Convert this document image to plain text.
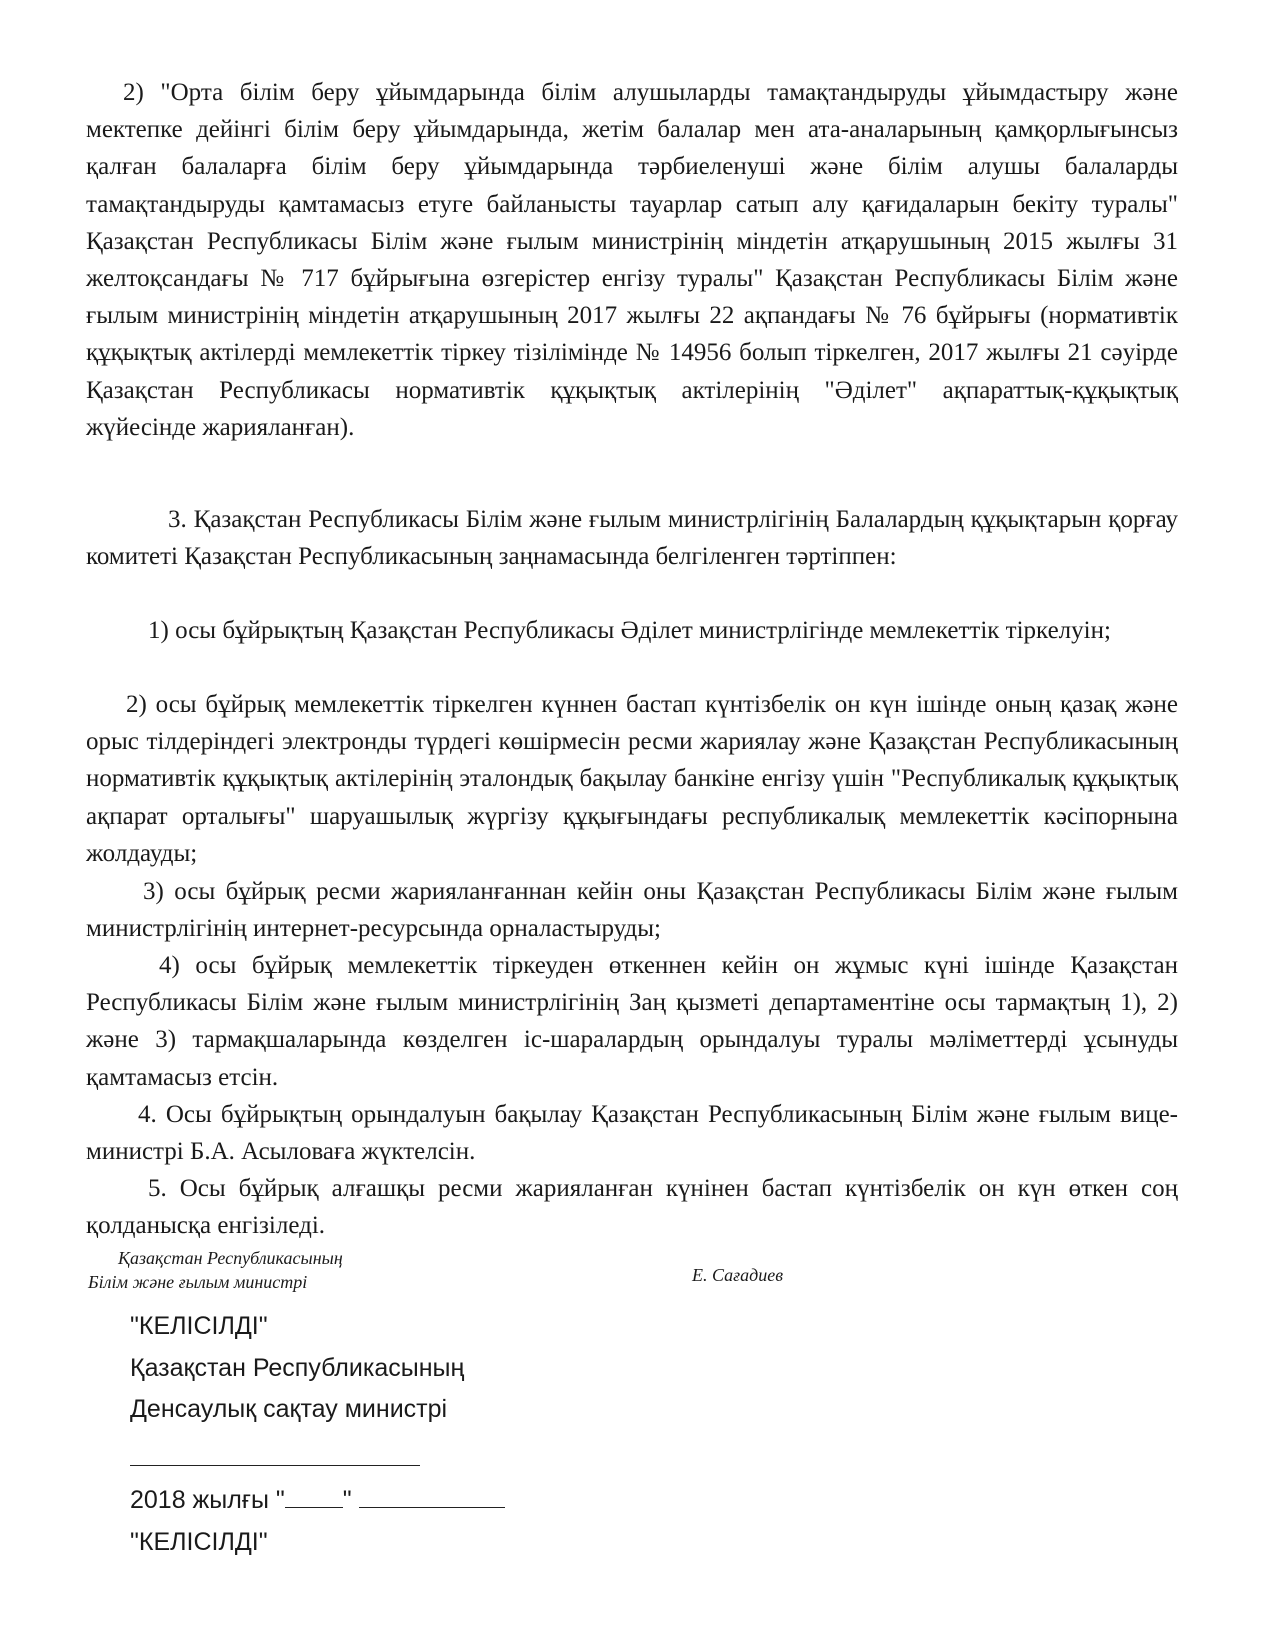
2) "Орта білім беру ұйымдарында білім алушыларды тамақтандыруды ұйымдастыру және мектепке дейінгі білім беру ұйымдарында, жетім балалар мен ата-аналарының қамқорлығынсыз қалған балаларға білім беру ұйымдарында тәрбиеленуші және білім алушы балаларды тамақтандыруды қамтамасыз етуге байланысты тауарлар сатып алу қағидаларын бекіту туралы" Қазақстан Республикасы Білім және ғылым министрінің міндетін атқарушының 2015 жылғы 31 желтоқсандағы № 717 бұйрығына өзгерістер енгізу туралы" Қазақстан Республикасы Білім және ғылым министрінің міндетін атқарушының 2017 жылғы 22 ақпандағы № 76 бұйрығы (нормативтік құқықтық актілерді мемлекеттік тіркеу тізілімінде № 14956 болып тіркелген, 2017 жылғы 21 сәуірде Қазақстан Республикасы нормативтік құқықтық актілерінің "Әділет" ақпараттық-құқықтық жүйесінде жарияланған).

3. Қазақстан Республикасы Білім және ғылым министрлігінің Балалардың құқықтарын қорғау комитеті Қазақстан Республикасының заңнамасында белгіленген тәртіппен:

1) осы бұйрықтың Қазақстан Республикасы Әділет министрлігінде мемлекеттік тіркелуін;

2) осы бұйрық мемлекеттік тіркелген күннен бастап күнтізбелік он күн ішінде оның қазақ және орыс тілдеріндегі электронды түрдегі көшірмесін ресми жариялау және Қазақстан Республикасының нормативтік құқықтық актілерінің эталондық бақылау банкіне енгізу үшін "Республикалық құқықтық ақпарат орталығы" шаруашылық жүргізу құқығындағы республикалық мемлекеттік кәсіпорнына жолдауды;

3) осы бұйрық ресми жарияланғаннан кейін оны Қазақстан Республикасы Білім және ғылым министрлігінің интернет-ресурсында орналастыруды;

4) осы бұйрық мемлекеттік тіркеуден өткеннен кейін он жұмыс күні ішінде Қазақстан Республикасы Білім және ғылым министрлігінің Заң қызметі департаментіне осы тармақтың 1), 2) және 3) тармақшаларында көзделген іс-шаралардың орындалуы туралы мәліметтерді ұсынуды қамтамасыз етсін.

4. Осы бұйрықтың орындалуын бақылау Қазақстан Республикасының Білім және ғылым вице-министрі Б.А. Асыловаға жүктелсін.

5. Осы бұйрық алғашқы ресми жарияланған күнінен бастап күнтізбелік он күн өткен соң қолданысқа енгізіледі.

Қазақстан Республикасының
Білім және ғылым министрі	Е. Сағадиев
"КЕЛІСІЛДІ"
Қазақстан Республикасының
Денсаулық сақтау министрі
2018 жылғы " "
"КЕЛІСІЛДІ"
